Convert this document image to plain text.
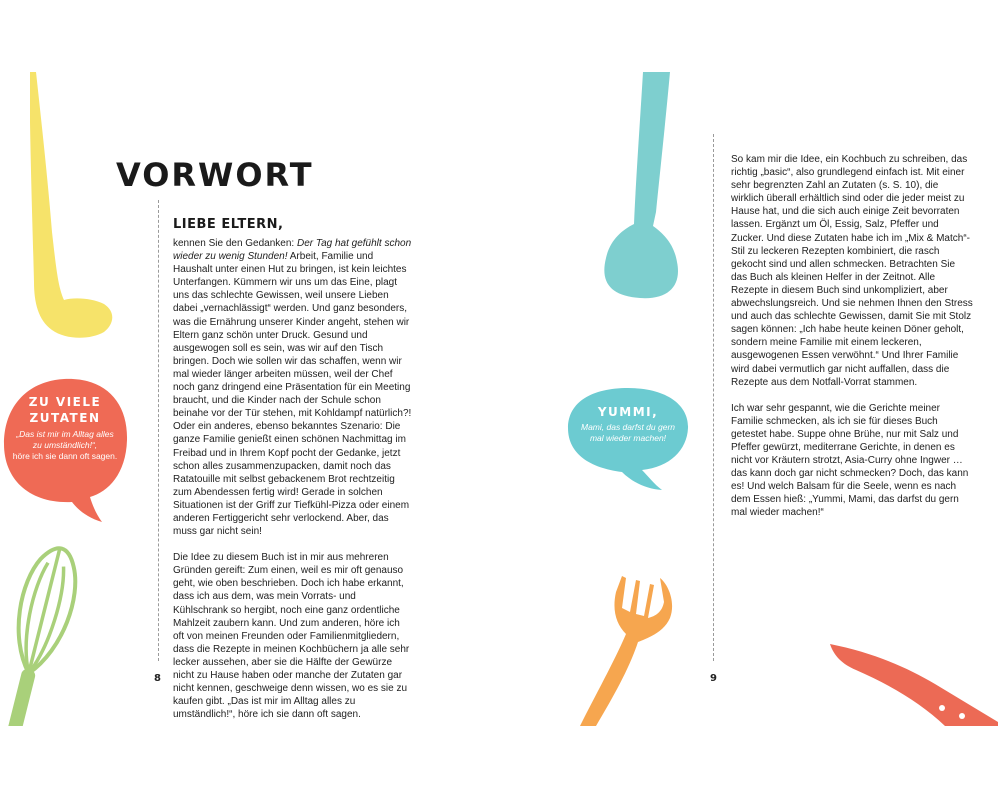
VORWORT
LIEBE ELTERN,

kennen Sie den Gedanken: Der Tag hat gefühlt schon wieder zu wenig Stunden! Arbeit, Familie und Haushalt unter einen Hut zu bringen, ist kein leichtes Unterfangen. Kümmern wir uns um das Eine, plagt uns das schlechte Gewissen, weil unsere Lieben dabei „vernachlässigt“ werden. Und ganz besonders, was die Ernährung unserer Kinder angeht, stehen wir Eltern ganz schön unter Druck. Gesund und ausgewogen soll es sein, was wir auf den Tisch bringen. Doch wie sollen wir das schaffen, wenn wir mal wieder länger arbeiten müssen, weil der Chef noch ganz dringend eine Präsentation für ein Meeting braucht, und die Kinder nach der Schule schon beinahe vor der Tür stehen, mit Kohldampf natürlich?! Oder ein anderes, ebenso bekanntes Szenario: Die ganze Familie genießt einen schönen Nachmittag im Freibad und in Ihrem Kopf pocht der Gedanke, jetzt schon alles zusammenzupacken, damit noch das Ratatouille mit selbst gebackenem Brot rechtzeitig zum Abendessen fertig wird! Gerade in solchen Situationen ist der Griff zur Tiefkühl-Pizza oder einem anderen Fertiggericht sehr verlockend. Aber, das muss gar nicht sein!

Die Idee zu diesem Buch ist in mir aus mehreren Gründen gereift: Zum einen, weil es mir oft genauso geht, wie oben beschrieben. Doch ich habe erkannt, dass ich aus dem, was mein Vorrats- und Kühlschrank so hergibt, noch eine ganz ordentliche Mahlzeit zaubern kann. Und zum anderen, höre ich oft von meinen Freunden oder Familienmitgliedern, dass die Rezepte in meinen Kochbüchern ja alle sehr lecker aussehen, aber sie die Hälfte der Gewürze nicht zu Hause haben oder manche der Zutaten gar nicht kennen, geschweige denn wissen, wo es sie zu kaufen gibt. „Das ist mir im Alltag alles zu umständlich!“, höre ich sie dann oft sagen.

8

ZU VIELE

ZUTATEN

„Das ist mir im Alltag alles zu umständlich!“,

höre ich sie dann oft sagen.

So kam mir die Idee, ein Kochbuch zu schreiben, das richtig „basic“, also grundlegend einfach ist. Mit einer sehr begrenzten Zahl an Zutaten (s. S. 10), die wirklich überall erhältlich sind oder die jeder meist zu Hause hat, und die sich auch einige Zeit bevorraten lassen. Ergänzt um Öl, Essig, Salz, Pfeffer und Zucker. Und diese Zutaten habe ich im „Mix & Match“-Stil zu leckeren Rezepten kombiniert, die rasch gekocht sind und allen schmecken. Betrachten Sie das Buch als kleinen Helfer in der Zeitnot. Alle Rezepte in diesem Buch sind unkompliziert, aber abwechslungsreich. Und sie nehmen Ihnen den Stress und auch das schlechte Gewissen, damit Sie mit Stolz sagen können: „Ich habe heute keinen Döner geholt, sondern meine Familie mit einem leckeren, ausgewogenen Essen verwöhnt.“ Und Ihrer Familie wird dabei vermutlich gar nicht auffallen, dass die Rezepte aus dem Notfall-Vorrat stammen.

Ich war sehr gespannt, wie die Gerichte meiner Familie schmecken, als ich sie für dieses Buch getestet habe. Suppe ohne Brühe, nur mit Salz und Pfeffer gewürzt, mediterrane Gerichte, in denen es nicht vor Kräutern strotzt, Asia-Curry ohne Ingwer … das kann doch gar nicht schmecken? Doch, das kann es! Und welch Balsam für die Seele, wenn es nach dem Essen hieß: „Yummi, Mami, das darfst du gern mal wieder machen!“

9

YUMMI,

Mami, das darfst du gern mal wieder machen!
